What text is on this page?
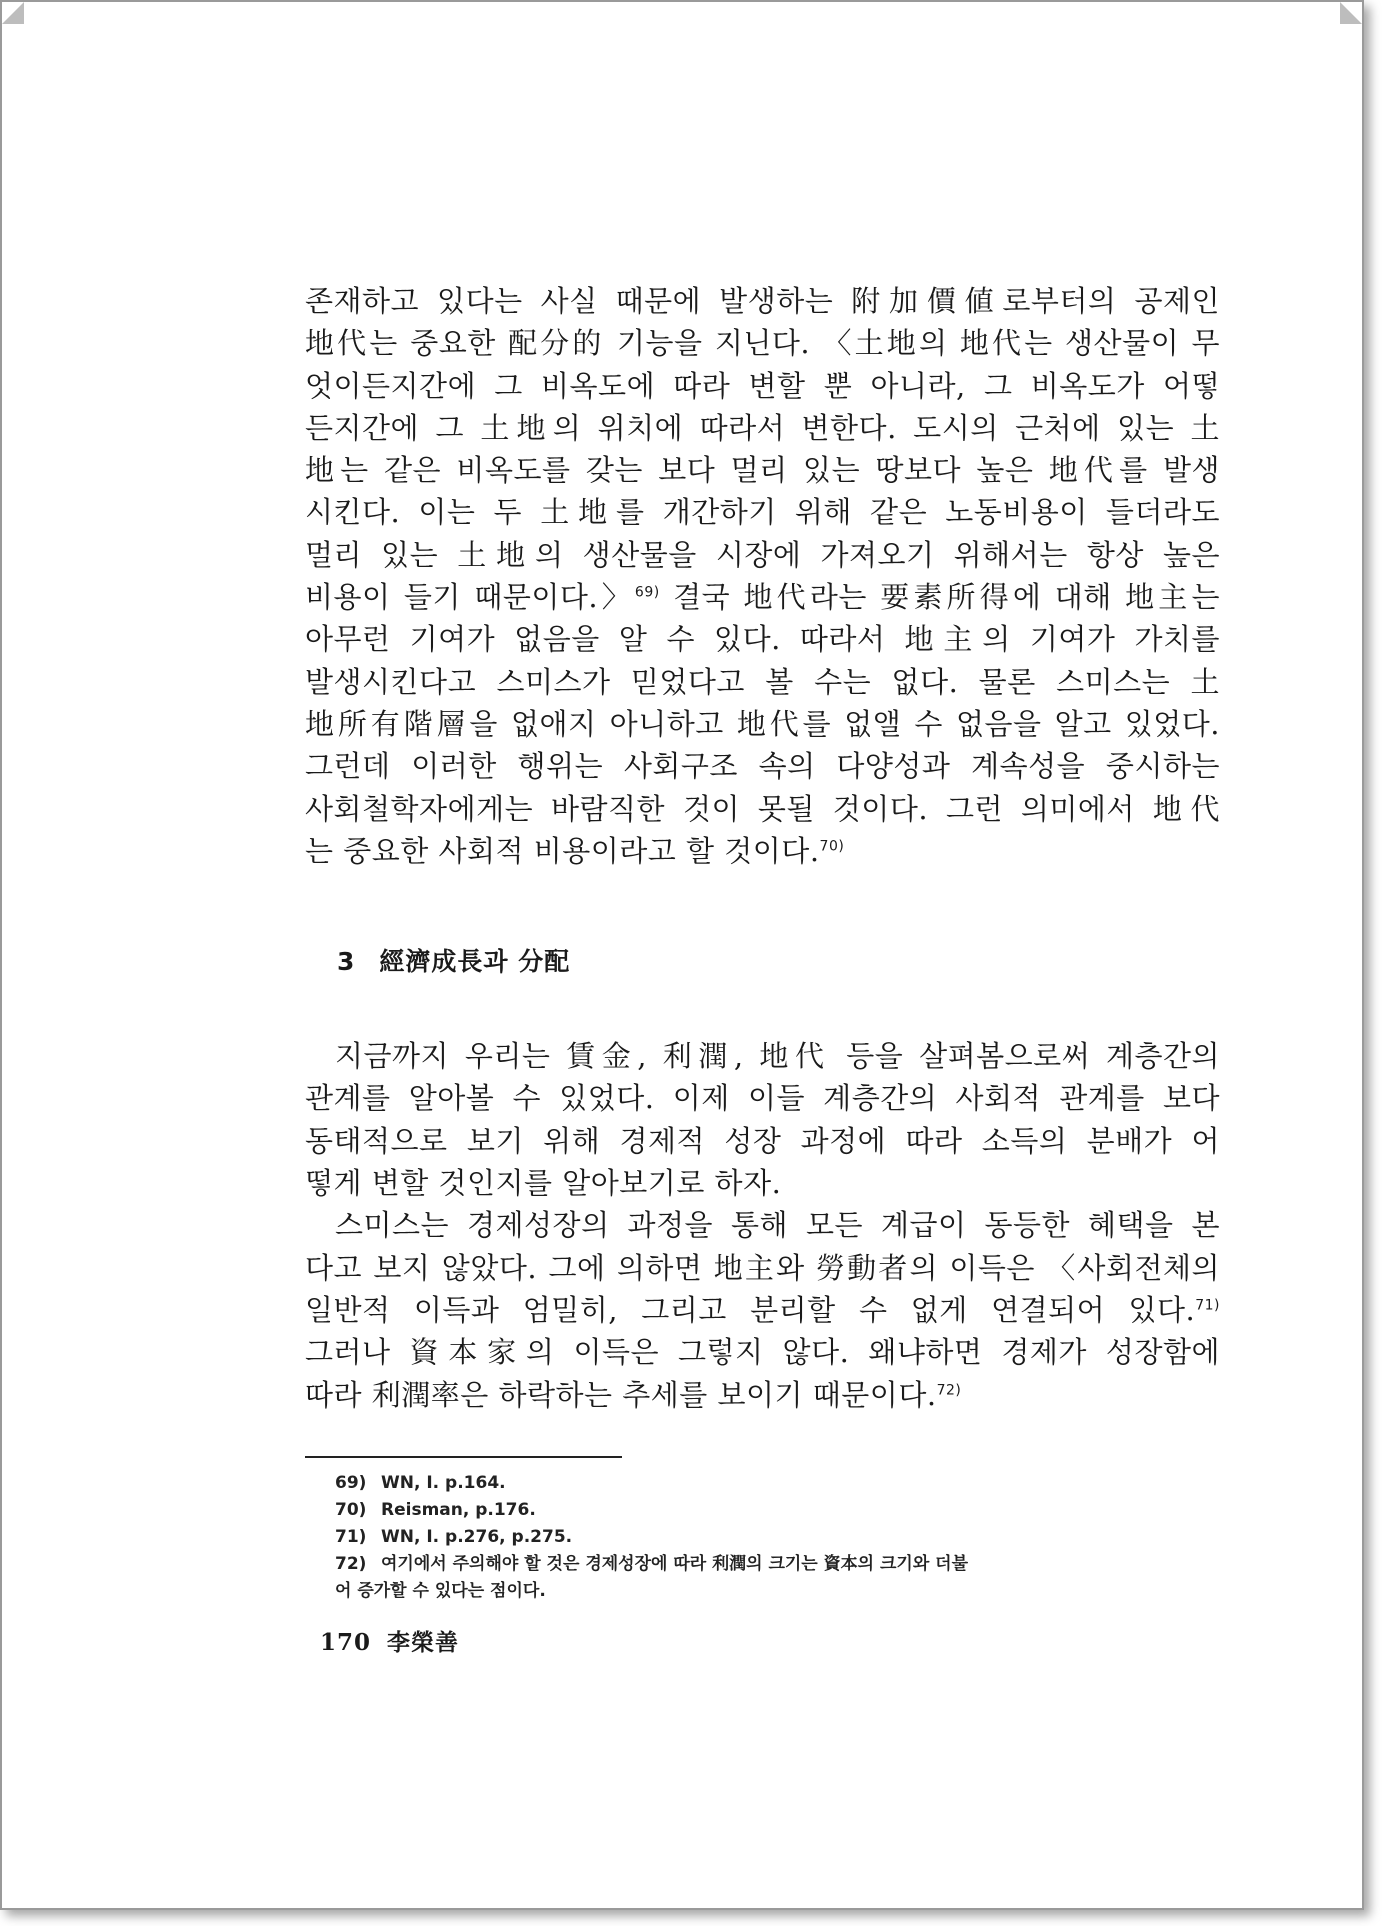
존재하고 있다는 사실 때문에 발생하는 附加價値로부터의 공제인
地代는 중요한 配分的 기능을 지닌다. 〈土地의 地代는 생산물이 무
엇이든지간에 그 비옥도에 따라 변할 뿐 아니라, 그 비옥도가 어떻
든지간에 그 土地의 위치에 따라서 변한다. 도시의 근처에 있는 土
地는 같은 비옥도를 갖는 보다 멀리 있는 땅보다 높은 地代를 발생
시킨다. 이는 두 土地를 개간하기 위해 같은 노동비용이 들더라도
멀리 있는 土地의 생산물을 시장에 가져오기 위해서는 항상 높은
비용이 들기 때문이다.〉$^{69)}$ 결국 地代라는 要素所得에 대해 地主는
아무런 기여가 없음을 알 수 있다. 따라서 地主의 기여가 가치를
발생시킨다고 스미스가 믿었다고 볼 수는 없다. 물론 스미스는 土
地所有階層을 없애지 아니하고 地代를 없앨 수 없음을 알고 있었다.
그런데 이러한 행위는 사회구조 속의 다양성과 계속성을 중시하는
사회철학자에게는 바람직한 것이 못될 것이다. 그런 의미에서 地代
는 중요한 사회적 비용이라고 할 것이다.$^{70)}$
3 經濟成長과 分配
지금까지 우리는 賃金, 利潤, 地代 등을 살펴봄으로써 계층간의
관계를 알아볼 수 있었다. 이제 이들 계층간의 사회적 관계를 보다
동태적으로 보기 위해 경제적 성장 과정에 따라 소득의 분배가 어
떻게 변할 것인지를 알아보기로 하자.
스미스는 경제성장의 과정을 통해 모든 계급이 동등한 혜택을 본
다고 보지 않았다. 그에 의하면 地主와 勞動者의 이득은 〈사회전체의
일반적 이득과 엄밀히, 그리고 분리할 수 없게 연결되어 있다.$^{71)}$
그러나 資本家의 이득은 그렇지 않다. 왜냐하면 경제가 성장함에
따라 利潤率은 하락하는 추세를 보이기 때문이다.$^{72)}$
69) WN, I. p.164.
70) Reisman, p.176.
71) WN, I. p.276, p.275.
72) 여기에서 주의해야 할 것은 경제성장에 따라 利潤의 크기는 資本의 크기와 더불
어 증가할 수 있다는 점이다.
170 李榮善
